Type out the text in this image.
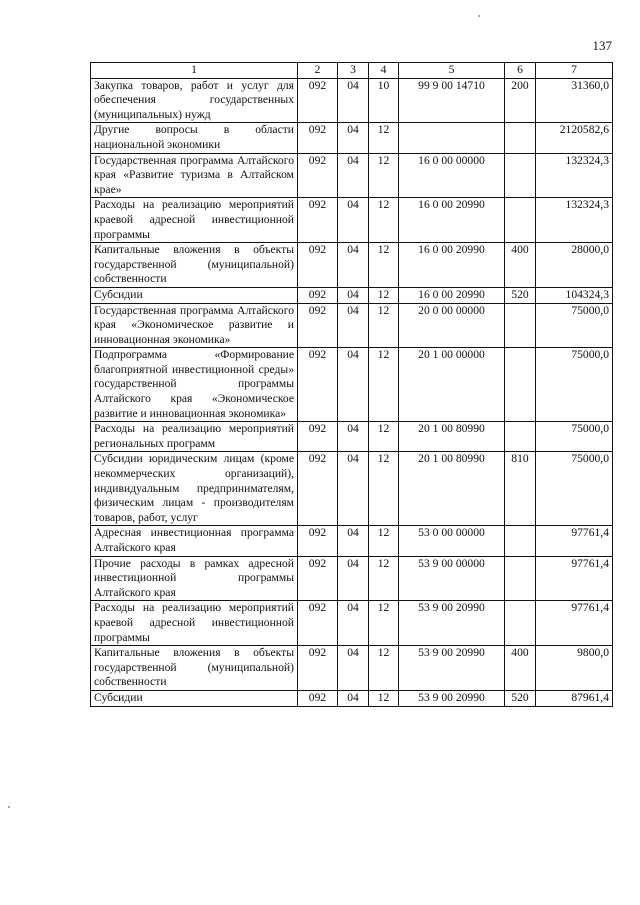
137
1	2	3	4	5	6	7
Закупка товаров, работ и услуг для обеспечения государственных (муниципальных) нужд	092	04	10	99 9 00 14710	200	31360,0
Другие вопросы в области национальной экономики	092	04	12			2120582,6
Государственная программа Алтайского края «Развитие туризма в Алтайском крае»	092	04	12	16 0 00 00000		132324,3
Расходы на реализацию мероприятий краевой адресной инвестиционной программы	092	04	12	16 0 00 20990		132324,3
Капитальные вложения в объекты государственной (муниципальной) собственности	092	04	12	16 0 00 20990	400	28000,0
Субсидии	092	04	12	16 0 00 20990	520	104324,3
Государственная программа Алтайского края «Экономическое развитие и инновационная экономика»	092	04	12	20 0 00 00000		75000,0
Подпрограмма «Формирование благоприятной инвестиционной среды» государственной программы Алтайского края «Экономическое развитие и инновационная экономика»	092	04	12	20 1 00 00000		75000,0
Расходы на реализацию мероприятий региональных программ	092	04	12	20 1 00 80990		75000,0
Субсидии юридическим лицам (кроме некоммерческих организаций), индивидуальным предпринимателям, физическим лицам - производителям товаров, работ, услуг	092	04	12	20 1 00 80990	810	75000,0
Адресная инвестиционная программа Алтайского края	092	04	12	53 0 00 00000		97761,4
Прочие расходы в рамках адресной инвестиционной программы Алтайского края	092	04	12	53 9 00 00000		97761,4
Расходы на реализацию мероприятий краевой адресной инвестиционной программы	092	04	12	53 9 00 20990		97761,4
Капитальные вложения в объекты государственной (муниципальной) собственности	092	04	12	53 9 00 20990	400	9800,0
Субсидии	092	04	12	53 9 00 20990	520	87961,4
